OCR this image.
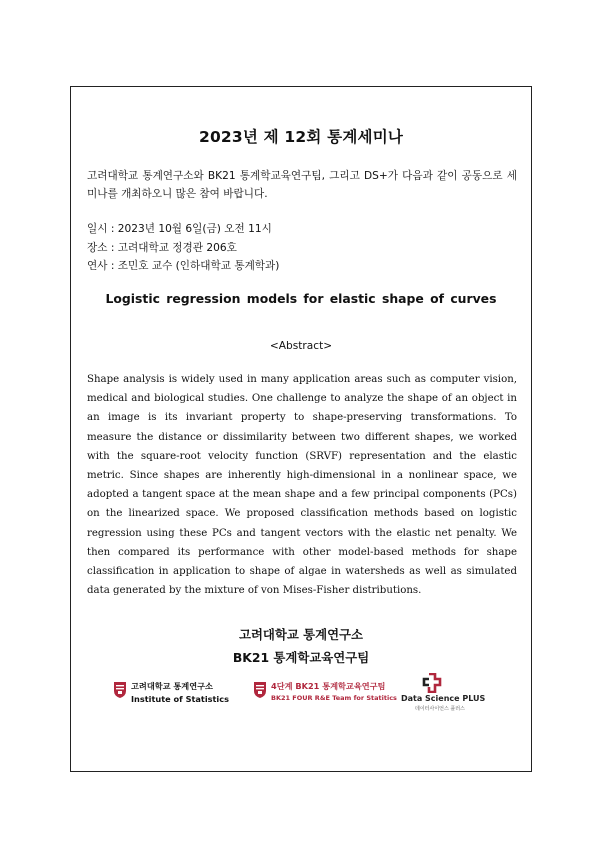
2023년 제 12회 통계세미나
고려대학교 통계연구소와 BK21 통계학교육연구팀, 그리고 DS+가 다음과 같이 공동으로 세미나를 개최하오니 많은 참여 바랍니다.
일시 : 2023년 10월 6일(금) 오전 11시
장소 : 고려대학교 정경관 206호
연사 : 조민호 교수 (인하대학교 통계학과)
Logistic regression models for elastic shape of curves
<Abstract>
Shape analysis is widely used in many application areas such as computer vision, medical and biological studies. One challenge to analyze the shape of an object in an image is its invariant property to shape-preserving transformations. To measure the distance or dissimilarity between two different shapes, we worked with the square-root velocity function (SRVF) representation and the elastic metric. Since shapes are inherently high-dimensional in a nonlinear space, we adopted a tangent space at the mean shape and a few principal components (PCs) on the linearized space. We proposed classification methods based on logistic regression using these PCs and tangent vectors with the elastic net penalty. We then compared its performance with other model-based methods for shape classification in application to shape of algae in watersheds as well as simulated data generated by the mixture of von Mises-Fisher distributions.
고려대학교 통계연구소
BK21 통계학교육연구팀
고려대학교 통계연구소
Institute of Statistics
4단계 BK21 통계학교육연구팀
BK21 FOUR R&E Team for Statitics Data Science PLUS
데이터사이언스 플러스
